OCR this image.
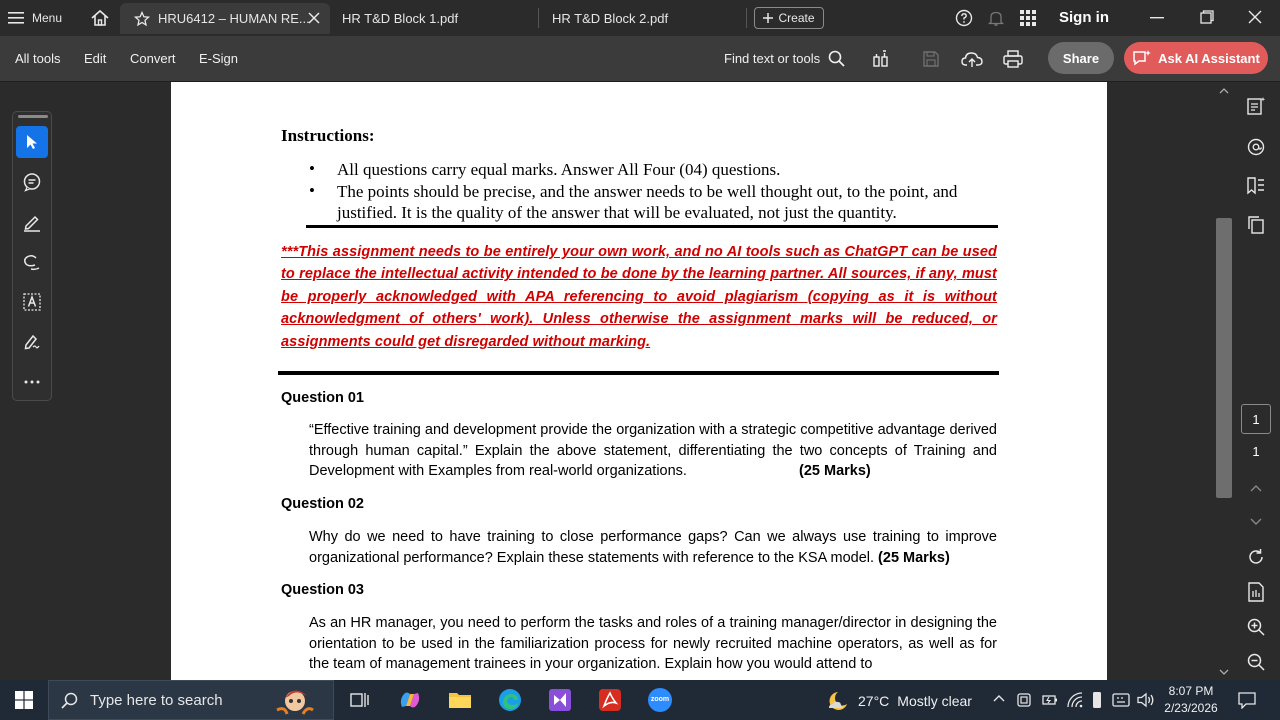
Menu	HRU6412 – HUMAN RE... HR T&D Block 1.pdf	HR T&D Block 2.pdf	Create	Sign in
All tools Edit Convert E-Sign	Find text or tools	Share	Ask AI Assistant
Instructions:
• All questions carry equal marks. Answer All Four (04) questions.
• The points should be precise, and the answer needs to be well thought out, to the point, and justified. It is the quality of the answer that will be evaluated, not just the quantity.
***This assignment needs to be entirely your own work, and no AI tools such as ChatGPT can be used to replace the intellectual activity intended to be done by the learning partner. All sources, if any, must be properly acknowledged with APA referencing to avoid plagiarism (copying as it is without acknowledgment of others' work). Unless otherwise the assignment marks will be reduced, or assignments could get disregarded without marking.
Question 01
“Effective training and development provide the organization with a strategic competitive advantage derived through human capital.” Explain the above statement, differentiating the two concepts of Training and Development with Examples from real-world organizations.	(25 Marks)
Question 02
Why do we need to have training to close performance gaps? Can we always use training to improve organizational performance? Explain these statements with reference to the KSA model. (25 Marks)
Question 03
As an HR manager, you need to perform the tasks and roles of a training manager/director in designing the orientation to be used in the familiarization process for newly recruited machine operators, as well as for the team of management trainees in your organization. Explain how you would attend to
1
1
Type here to search	zoom	27°C Mostly clear
8:07 PM
2/23/2026
